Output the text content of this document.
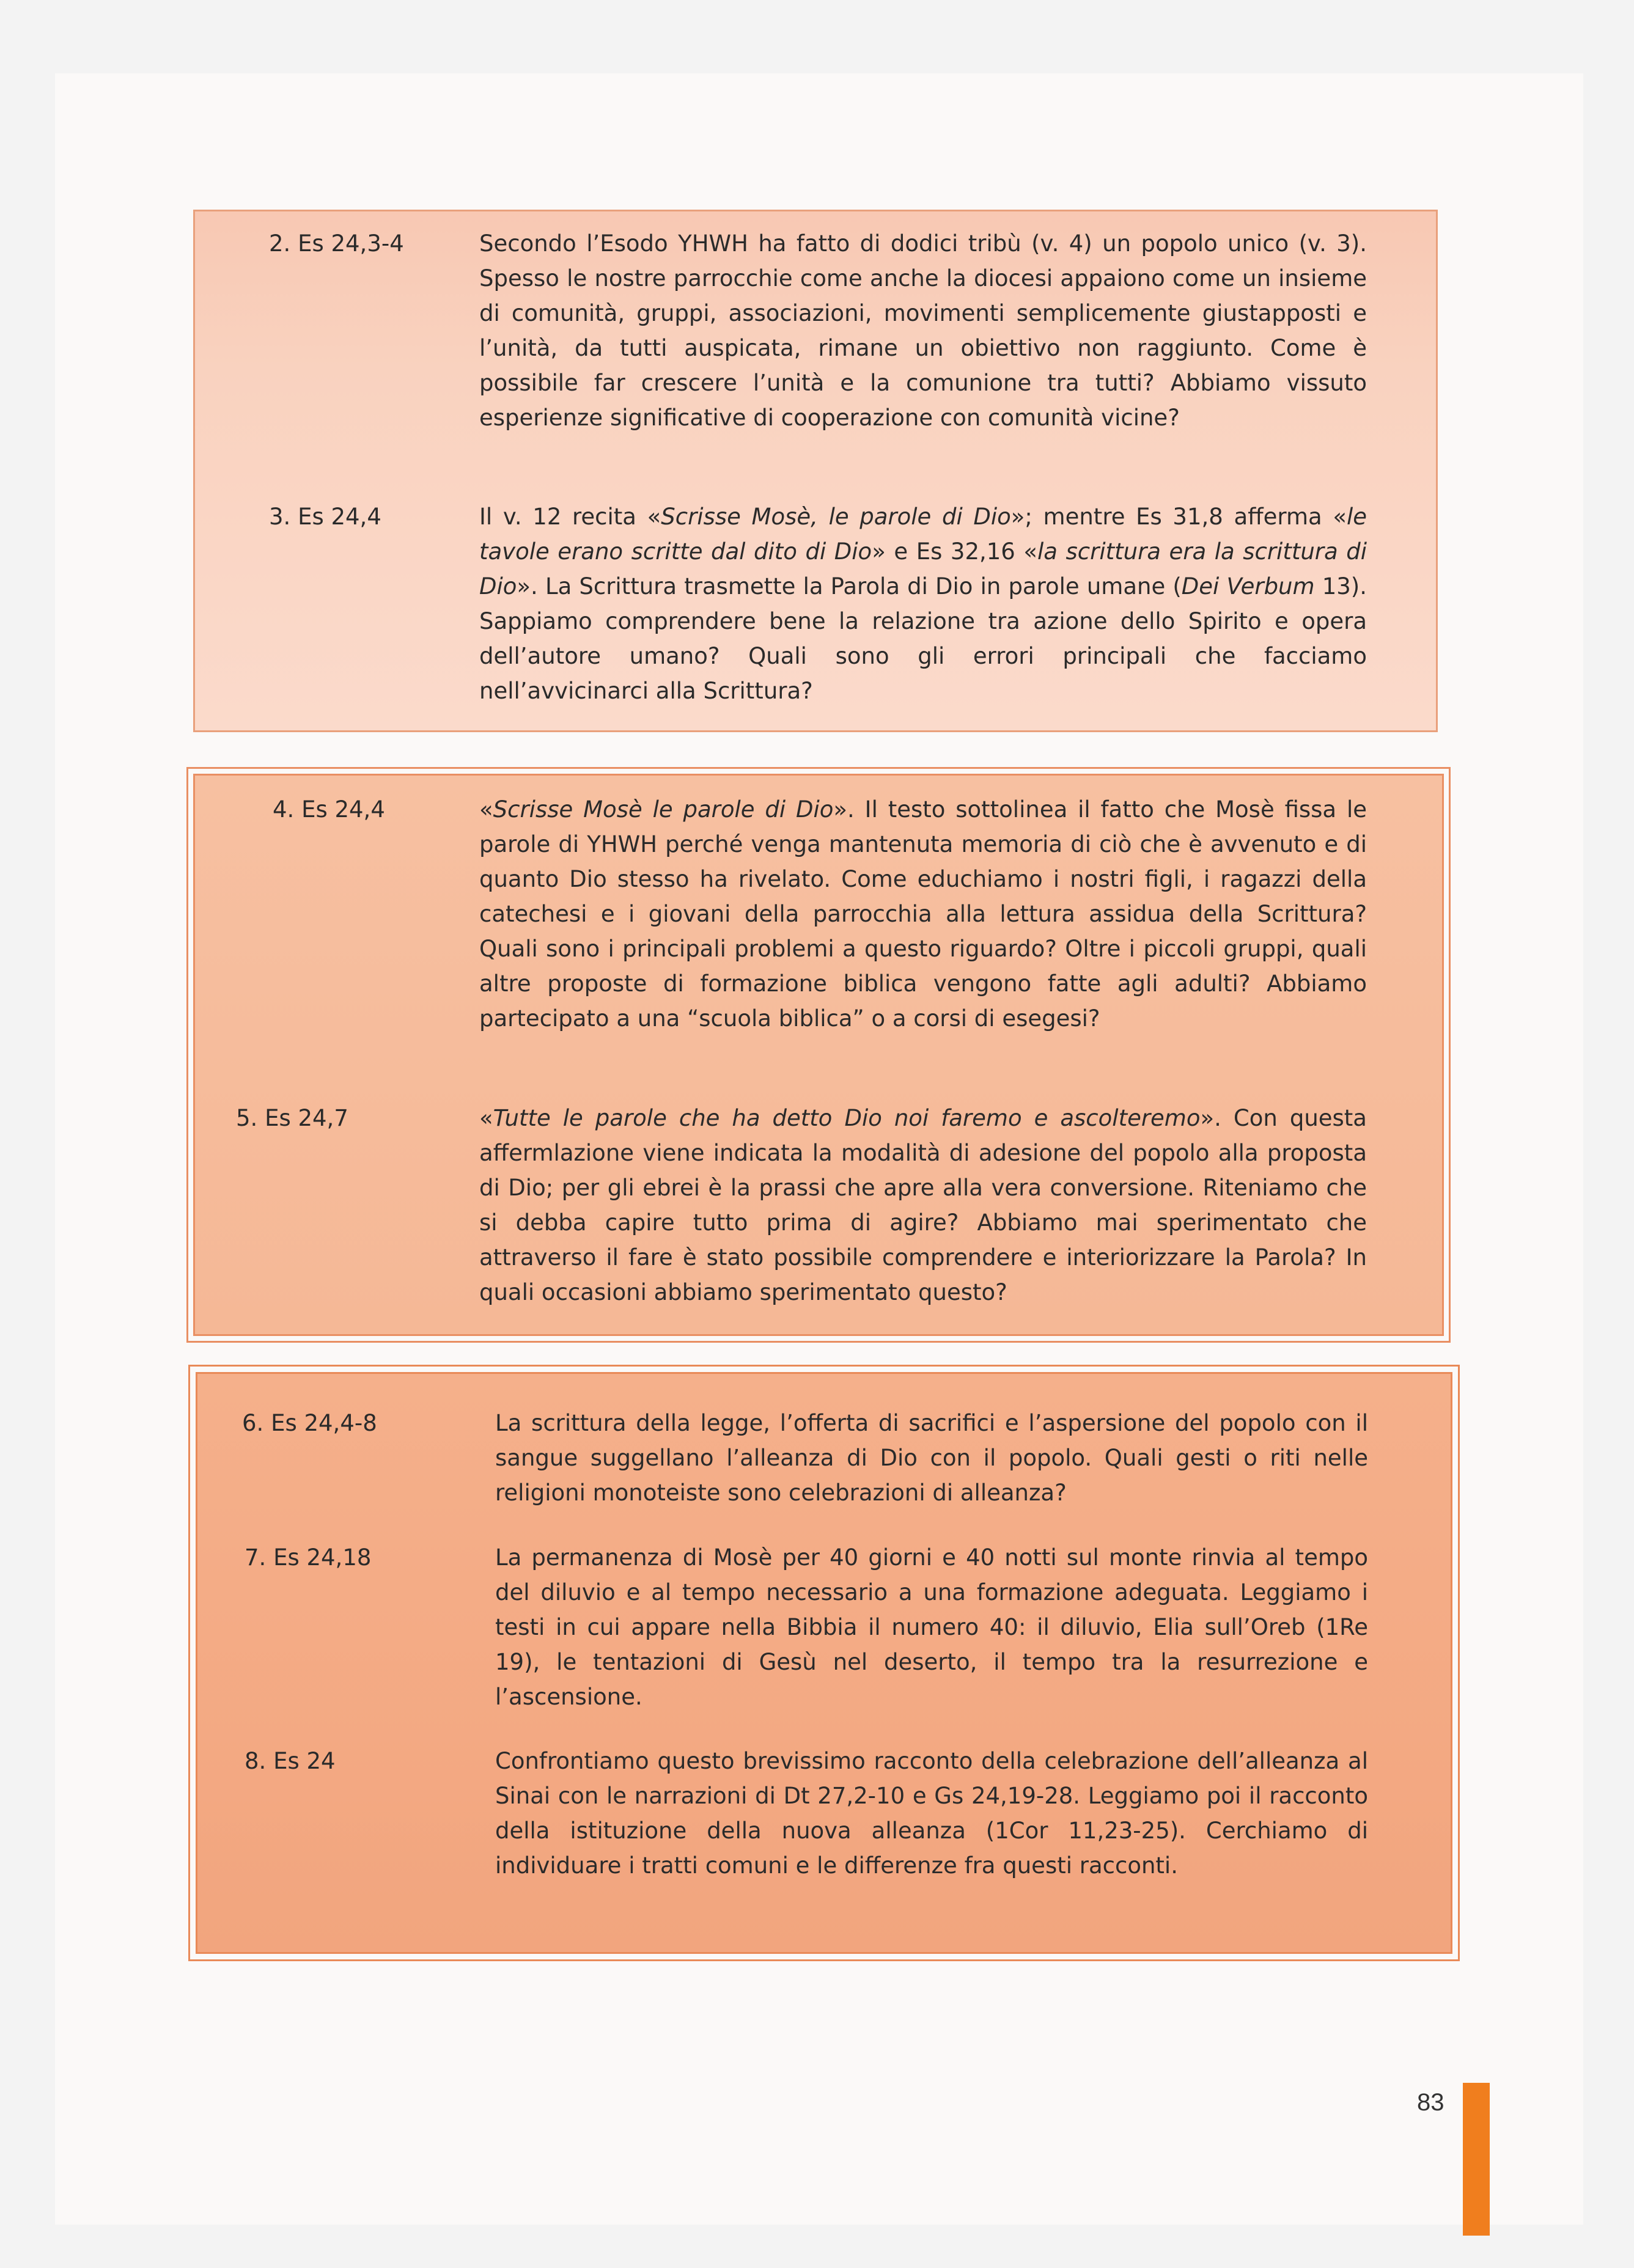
2. Es 24,3-4	Secondo l’Esodo YHWH ha fatto di dodici tribù (v. 4) un popolo unico (v. 3). Spesso le nostre parrocchie come anche la diocesi appaiono come un insieme di comunità, gruppi, associazioni, movimenti semplicemente giustapposti e l’unità, da tutti auspicata, rimane un obiettivo non raggiunto. Come è possibile far crescere l’unità e la comunione tra tutti? Abbiamo vissuto esperienze significative di cooperazione con comunità vicine?
3. Es 24,4	Il v. 12 recita «Scrisse Mosè, le parole di Dio»; mentre Es 31,8 afferma «le tavole erano scritte dal dito di Dio» e Es 32,16 «la scrittura era la scrittura di Dio». La Scrittura trasmette la Parola di Dio in parole umane (Dei Verbum 13). Sappiamo comprendere bene la relazione tra azione dello Spirito e opera dell’autore umano? Quali sono gli errori principali che facciamo nell’avvicinarci alla Scrittura?
4. Es 24,4	«Scrisse Mosè le parole di Dio». Il testo sottolinea il fatto che Mosè fissa le parole di YHWH perché venga mantenuta memoria di ciò che è avvenuto e di quanto Dio stesso ha rivelato. Come educhiamo i nostri figli, i ragazzi della catechesi e i giovani della parrocchia alla lettura assidua della Scrittura? Quali sono i principali problemi a questo riguardo? Oltre i piccoli gruppi, quali altre proposte di formazione biblica vengono fatte agli adulti? Abbiamo partecipato a una “scuola biblica” o a corsi di esegesi?
5. Es 24,7	«Tutte le parole che ha detto Dio noi faremo e ascolteremo». Con questa affermlazione viene indicata la modalità di adesione del popolo alla proposta di Dio; per gli ebrei è la prassi che apre alla vera conversione. Riteniamo che si debba capire tutto prima di agire? Abbiamo mai sperimentato che attraverso il fare è stato possibile comprendere e interiorizzare la Parola? In quali occasioni abbiamo sperimentato questo?
6. Es 24,4-8	La scrittura della legge, l’offerta di sacrifici e l’aspersione del popolo con il sangue suggellano l’alleanza di Dio con il popolo. Quali gesti o riti nelle religioni monoteiste sono celebrazioni di alleanza?
7. Es 24,18	La permanenza di Mosè per 40 giorni e 40 notti sul monte rinvia al tempo del diluvio e al tempo necessario a una formazione adeguata. Leggiamo i testi in cui appare nella Bibbia il numero 40: il diluvio, Elia sull’Oreb (1Re 19), le tentazioni di Gesù nel deserto, il tempo tra la resurrezione e l’ascensione.
8. Es 24	Confrontiamo questo brevissimo racconto della celebrazione dell’alleanza al Sinai con le narrazioni di Dt 27,2-10 e Gs 24,19-28. Leggiamo poi il racconto della istituzione della nuova alleanza (1Cor 11,23-25). Cerchiamo di individuare i tratti comuni e le differenze fra questi racconti.
83
